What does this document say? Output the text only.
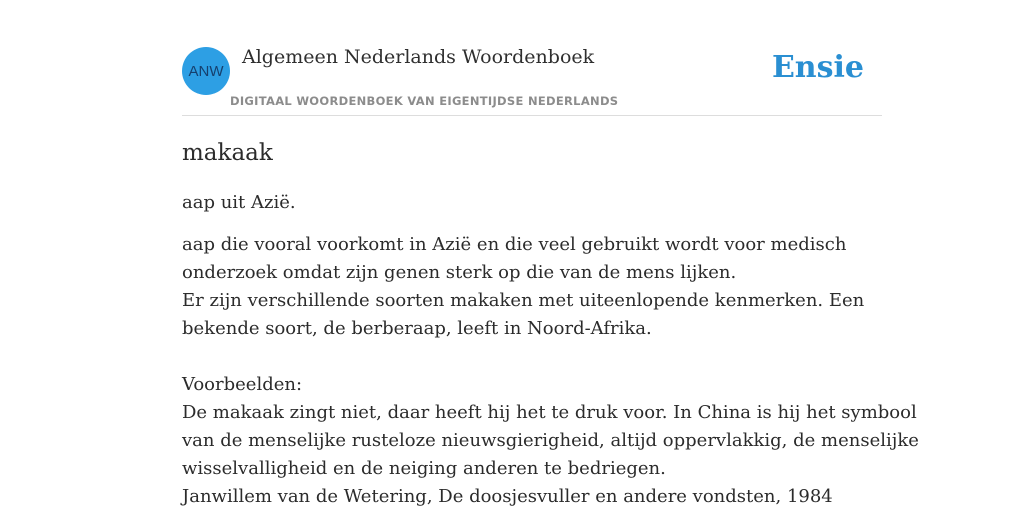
ANW
Algemeen Nederlands Woordenboek
DIGITAAL WOORDENBOEK VAN EIGENTIJDSE NEDERLANDS
Ensie
makaak

aap uit Azië.

aap die vooral voorkomt in Azië en die veel gebruikt wordt voor medisch
onderzoek omdat zijn genen sterk op die van de mens lijken.
Er zijn verschillende soorten makaken met uiteenlopende kenmerken. Een
bekende soort, de berberaap, leeft in Noord-Afrika.
Voorbeelden:
De makaak zingt niet, daar heeft hij het te druk voor. In China is hij het symbool
van de menselijke rusteloze nieuwsgierigheid, altijd oppervlakkig, de menselijke
wisselvalligheid en de neiging anderen te bedriegen.
Janwillem van de Wetering, De doosjesvuller en andere vondsten, 1984
